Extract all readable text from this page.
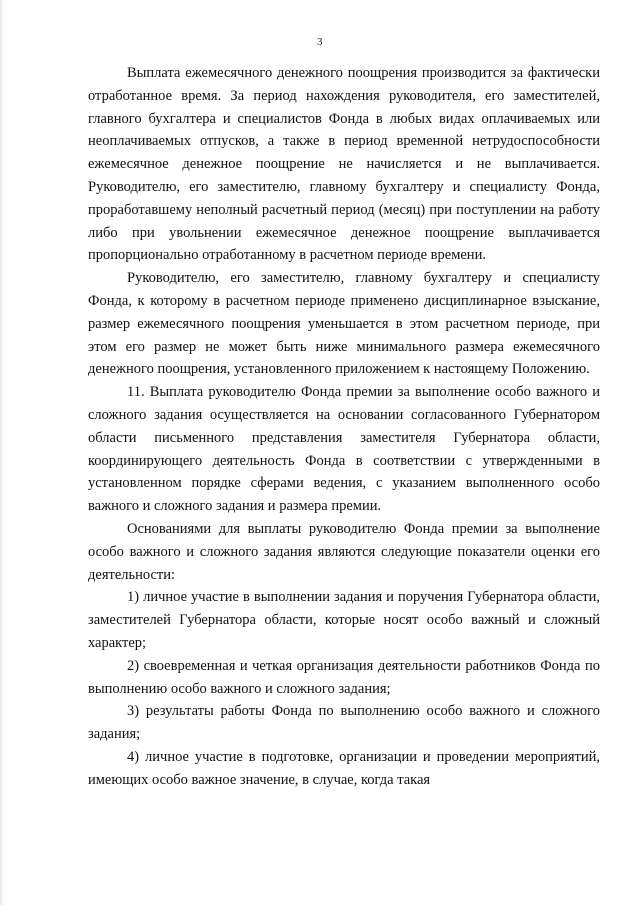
3

Выплата ежемесячного денежного поощрения производится за фактически отработанное время. За период нахождения руководителя, его заместителей, главного бухгалтера и специалистов Фонда в любых видах оплачиваемых или неоплачиваемых отпусков, а также в период временной нетрудоспособности ежемесячное денежное поощрение не начисляется и не выплачивается. Руководителю, его заместителю, главному бухгалтеру и специалисту Фонда, проработавшему неполный расчетный период (месяц) при поступлении на работу либо при увольнении ежемесячное денежное поощрение выплачивается пропорционально отработанному в расчетном периоде времени.

Руководителю, его заместителю, главному бухгалтеру и специалисту Фонда, к которому в расчетном периоде применено дисциплинарное взыскание, размер ежемесячного поощрения уменьшается в этом расчетном периоде, при этом его размер не может быть ниже минимального размера ежемесячного денежного поощрения, установленного приложением к настоящему Положению.

11. Выплата руководителю Фонда премии за выполнение особо важного и сложного задания осуществляется на основании согласованного Губернатором области письменного представления заместителя Губернатора области, координирующего деятельность Фонда в соответствии с утвержденными в установленном порядке сферами ведения, с указанием выполненного особо важного и сложного задания и размера премии.

Основаниями для выплаты руководителю Фонда премии за выполнение особо важного и сложного задания являются следующие показатели оценки его деятельности:

1) личное участие в выполнении задания и поручения Губернатора области, заместителей Губернатора области, которые носят особо важный и сложный характер;

2) своевременная и четкая организация деятельности работников Фонда по выполнению особо важного и сложного задания;

3) результаты работы Фонда по выполнению особо важного и сложного задания;

4) личное участие в подготовке, организации и проведении мероприятий, имеющих особо важное значение, в случае, когда такая
